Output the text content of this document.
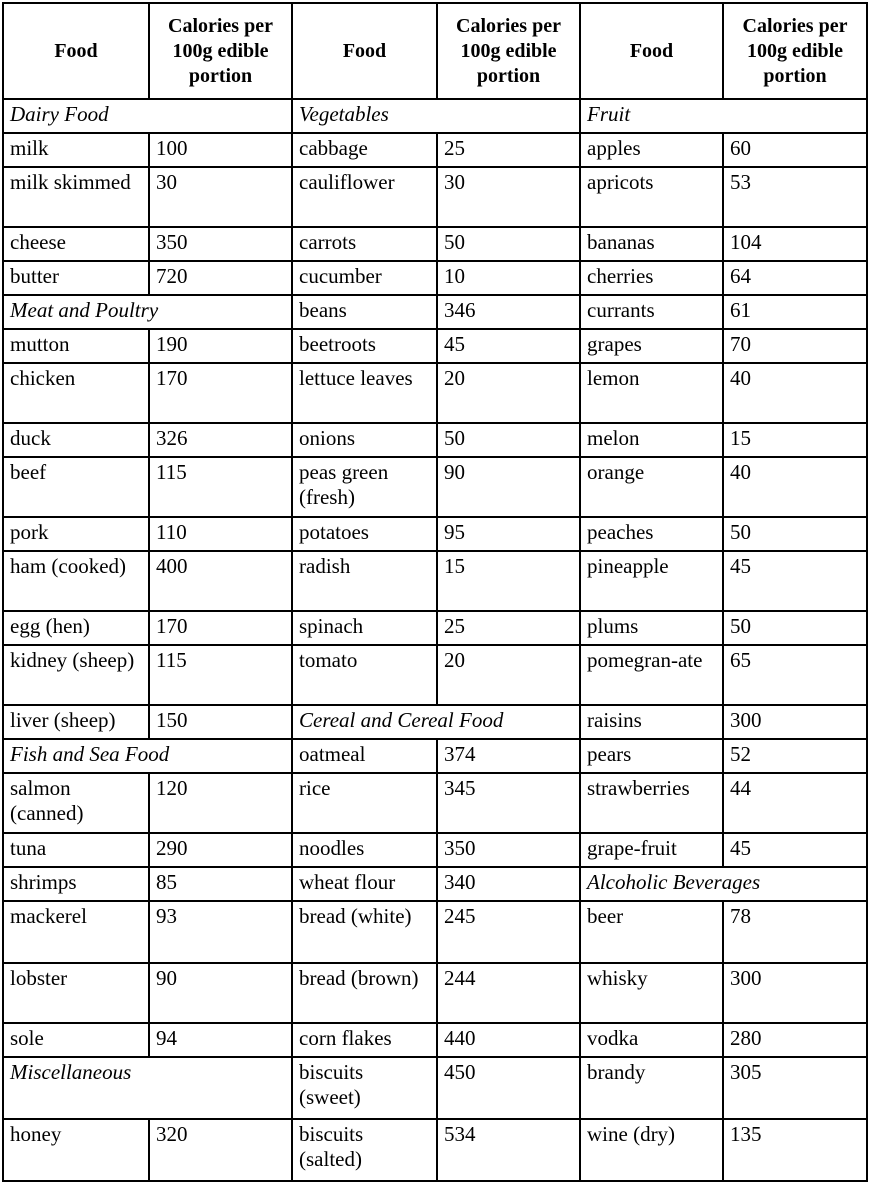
Food	Calories per 100g edible portion	Food	Calories per 100g edible portion	Food	Calories per 100g edible portion
Dairy Food		Vegetables		Fruit	
milk	100	cabbage	25	apples	60
milk skimmed	30	cauliflower	30	apricots	53
cheese	350	carrots	50	bananas	104
butter	720	cucumber	10	cherries	64
Meat and Poultry		beans	346	currants	61
mutton	190	beetroots	45	grapes	70
chicken	170	lettuce leaves	20	lemon	40
duck	326	onions	50	melon	15
beef	115	peas green (fresh)	90	orange	40
pork	110	potatoes	95	peaches	50
ham (cooked)	400	radish	15	pineapple	45
egg (hen)	170	spinach	25	plums	50
kidney (sheep)	115	tomato	20	pomegran-ate	65
liver (sheep)	150	Cereal and Cereal Food		raisins	300
Fish and Sea Food		oatmeal	374	pears	52
salmon (canned)	120	rice	345	strawberries	44
tuna	290	noodles	350	grape-fruit	45
shrimps	85	wheat flour	340	Alcoholic Beverages	
mackerel	93	bread (white)	245	beer	78
lobster	90	bread (brown)	244	whisky	300
sole	94	corn flakes	440	vodka	280
Miscellaneous		biscuits (sweet)	450	brandy	305
honey	320	biscuits (salted)	534	wine (dry)	135
